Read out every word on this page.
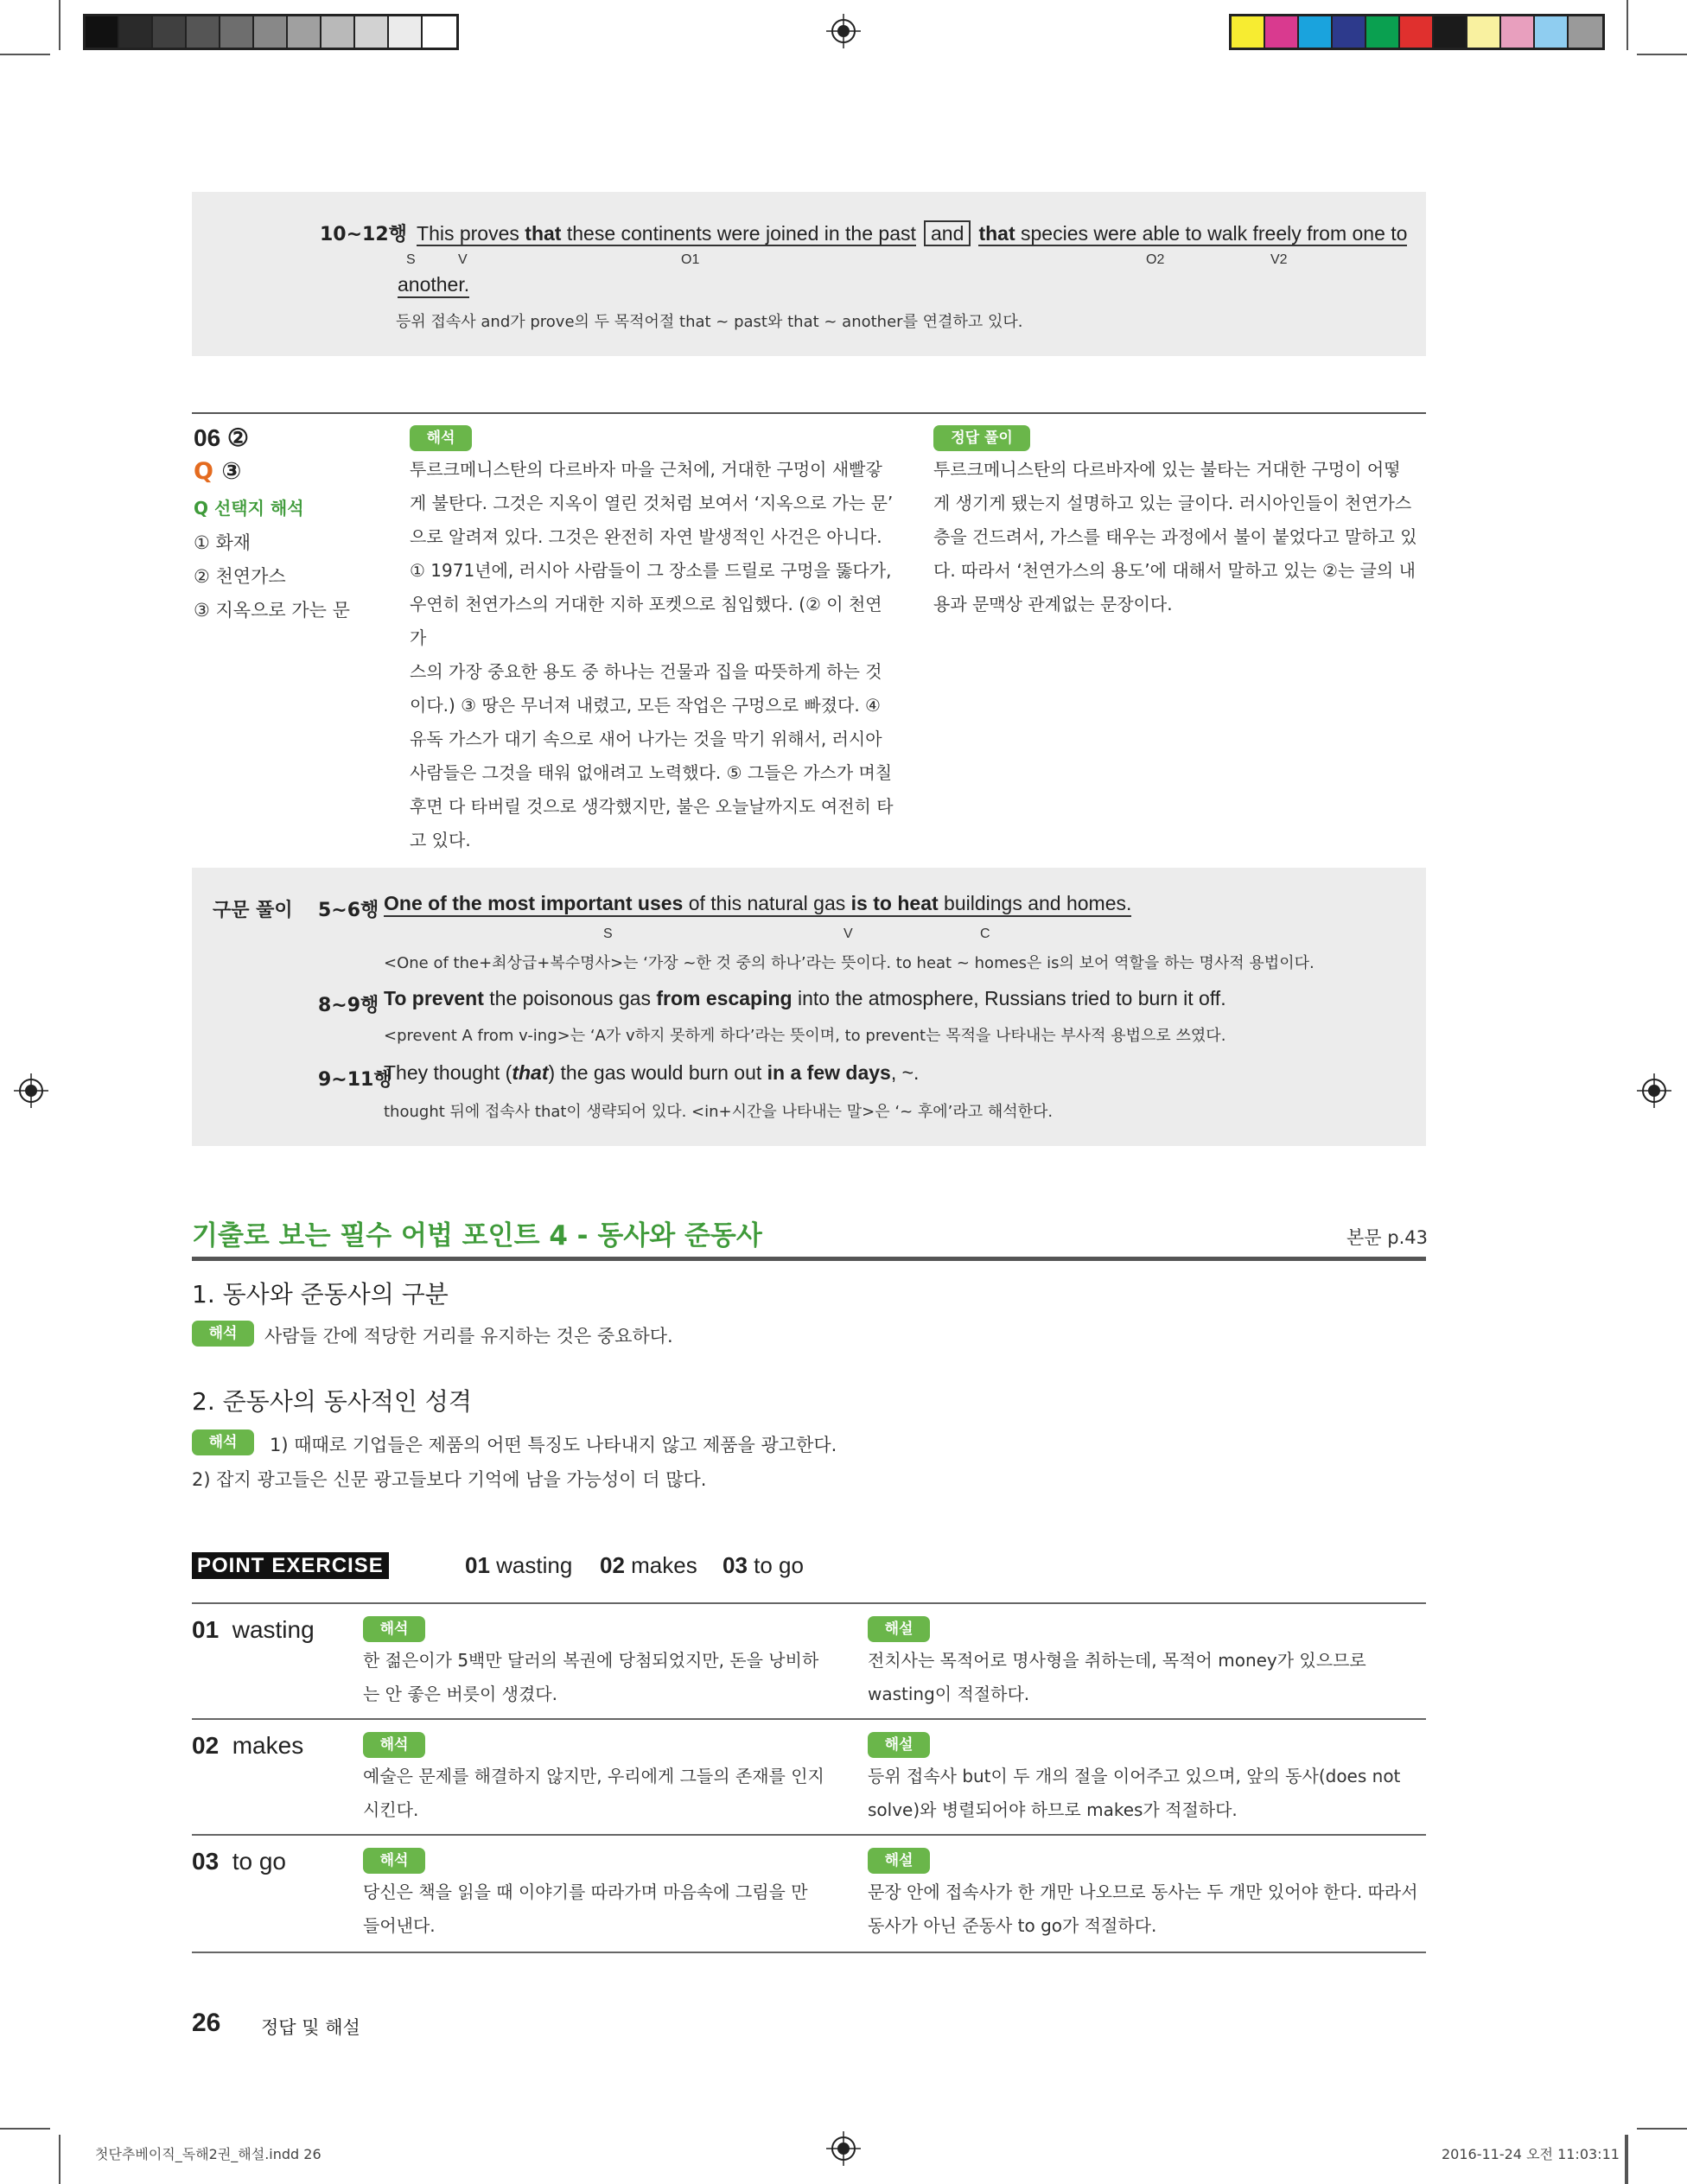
10~12행 This proves that these continents were joined in the past and that species were able to walk freely from one to
S	V	O1	O2	V2
another.
등위 접속사 and가 prove의 두 목적어절 that ~ past와 that ~ another를 연결하고 있다.
06 ②
Q ③
Q 선택지 해석
① 화재
② 천연가스
③ 지옥으로 가는 문
해석
투르크메니스탄의 다르바자 마을 근처에, 거대한 구멍이 새빨갛
게 불탄다. 그것은 지옥이 열린 것처럼 보여서 ‘지옥으로 가는 문’
으로 알려져 있다. 그것은 완전히 자연 발생적인 사건은 아니다.
① 1971년에, 러시아 사람들이 그 장소를 드릴로 구멍을 뚫다가,
우연히 천연가스의 거대한 지하 포켓으로 침입했다. (② 이 천연가
스의 가장 중요한 용도 중 하나는 건물과 집을 따뜻하게 하는 것
이다.) ③ 땅은 무너져 내렸고, 모든 작업은 구멍으로 빠졌다. ④
유독 가스가 대기 속으로 새어 나가는 것을 막기 위해서, 러시아
사람들은 그것을 태워 없애려고 노력했다. ⑤ 그들은 가스가 며칠
후면 다 타버릴 것으로 생각했지만, 불은 오늘날까지도 여전히 타
고 있다.
정답 풀이
투르크메니스탄의 다르바자에 있는 불타는 거대한 구멍이 어떻
게 생기게 됐는지 설명하고 있는 글이다. 러시아인들이 천연가스
층을 건드려서, 가스를 태우는 과정에서 불이 붙었다고 말하고 있
다. 따라서 ‘천연가스의 용도’에 대해서 말하고 있는 ②는 글의 내
용과 문맥상 관계없는 문장이다.
구문 풀이 5~6행 One of the most important uses of this natural gas is to heat buildings and homes.
S	V	C
<One of the+최상급+복수명사>는 ‘가장 ~한 것 중의 하나’라는 뜻이다. to heat ~ homes은 is의 보어 역할을 하는 명사적 용법이다.
8~9행 To prevent the poisonous gas from escaping into the atmosphere, Russians tried to burn it off.
<prevent A from v-ing>는 ‘A가 v하지 못하게 하다’라는 뜻이며, to prevent는 목적을 나타내는 부사적 용법으로 쓰였다.
9~11행
They thought (that) the gas would burn out in a few days, ~.
thought 뒤에 접속사 that이 생략되어 있다. <in+시간을 나타내는 말>은 ‘~ 후에’라고 해석한다.
기출로 보는 필수 어법 포인트 4 - 동사와 준동사	본문 p.43
1. 동사와 준동사의 구분
해석	사람들 간에 적당한 거리를 유지하는 것은 중요하다.
2. 준동사의 동사적인 성격
해석	1) 때때로 기업들은 제품의 어떤 특징도 나타내지 않고 제품을 광고한다.
2) 잡지 광고들은 신문 광고들보다 기억에 남을 가능성이 더 많다.
POINT EXERCISE	01 wasting 02 makes 03 to go
01 wasting	해석
한 젊은이가 5백만 달러의 복권에 당첨되었지만, 돈을 낭비하
는 안 좋은 버릇이 생겼다.
해설
전치사는 목적어로 명사형을 취하는데, 목적어 money가 있으므로
wasting이 적절하다.
02 makes	해석
예술은 문제를 해결하지 않지만, 우리에게 그들의 존재를 인지
시킨다.
해설
등위 접속사 but이 두 개의 절을 이어주고 있으며, 앞의 동사(does not
solve)와 병렬되어야 하므로 makes가 적절하다.
03 to go	해석
당신은 책을 읽을 때 이야기를 따라가며 마음속에 그림을 만
들어낸다.
해설
문장 안에 접속사가 한 개만 나오므로 동사는 두 개만 있어야 한다. 따라서
동사가 아닌 준동사 to go가 적절하다.
26 정답 및 해설
첫단추베이직_독해2권_해설.indd 26	2016-11-24 오전 11:03:11
